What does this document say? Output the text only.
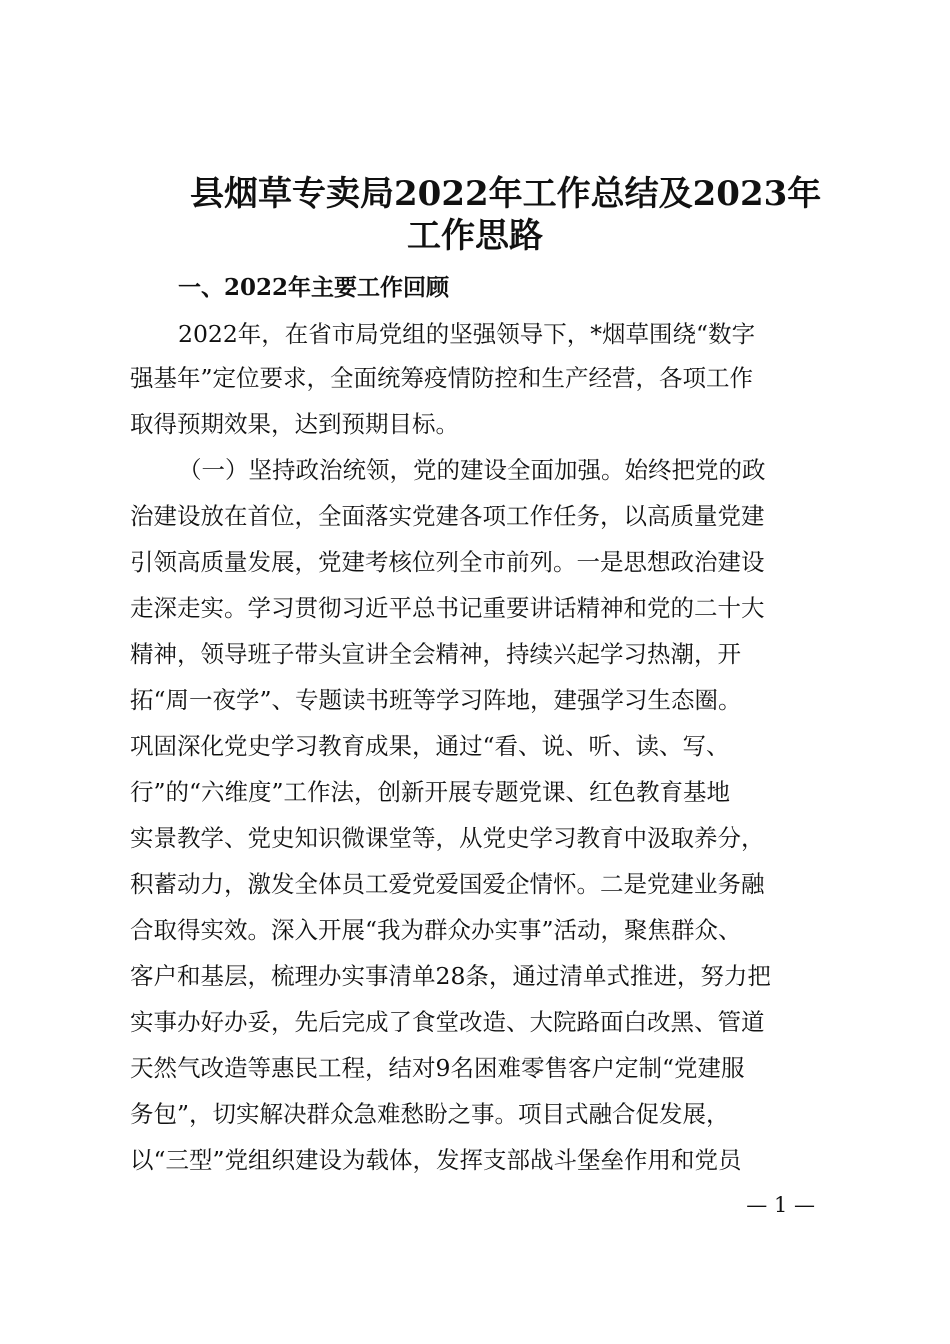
县烟草专卖局2022年工作总结及2023年
工作思路
一、2022年主要工作回顾
2022年，在省市局党组的坚强领导下，*烟草围绕“数字
强基年”定位要求，全面统筹疫情防控和生产经营，各项工作
取得预期效果，达到预期目标。
（一）坚持政治统领，党的建设全面加强。始终把党的政
治建设放在首位，全面落实党建各项工作任务，以高质量党建
引领高质量发展，党建考核位列全市前列。一是思想政治建设
走深走实。学习贯彻习近平总书记重要讲话精神和党的二十大
精神，领导班子带头宣讲全会精神，持续兴起学习热潮，开
拓“周一夜学”、专题读书班等学习阵地，建强学习生态圈。
巩固深化党史学习教育成果，通过“看、说、听、读、写、
行”的“六维度”工作法，创新开展专题党课、红色教育基地
实景教学、党史知识微课堂等，从党史学习教育中汲取养分，
积蓄动力，激发全体员工爱党爱国爱企情怀。二是党建业务融
合取得实效。深入开展“我为群众办实事”活动，聚焦群众、
客户和基层，梳理办实事清单28条，通过清单式推进，努力把
实事办好办妥，先后完成了食堂改造、大院路面白改黑、管道
天然气改造等惠民工程，结对9名困难零售客户定制“党建服
务包”，切实解决群众急难愁盼之事。项目式融合促发展，
以“三型”党组织建设为载体，发挥支部战斗堡垒作用和党员
— 1 —
